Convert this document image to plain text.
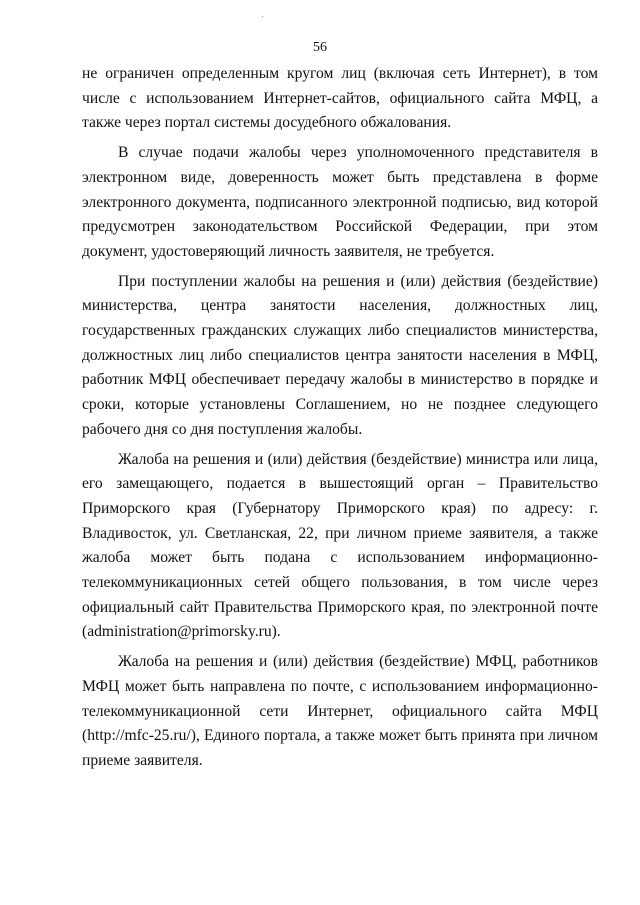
56

не ограничен определенным кругом лиц (включая сеть Интернет), в том числе с использованием Интернет-сайтов, официального сайта МФЦ, а также через портал системы досудебного обжалования.

В случае подачи жалобы через уполномоченного представителя в электронном виде, доверенность может быть представлена в форме электронного документа, подписанного электронной подписью, вид которой предусмотрен законодательством Российской Федерации, при этом документ, удостоверяющий личность заявителя, не требуется.

При поступлении жалобы на решения и (или) действия (бездействие) министерства, центра занятости населения, должностных лиц, государственных гражданских служащих либо специалистов министерства, должностных лиц либо специалистов центра занятости населения в МФЦ, работник МФЦ обеспечивает передачу жалобы в министерство в порядке и сроки, которые установлены Соглашением, но не позднее следующего рабочего дня со дня поступления жалобы.

Жалоба на решения и (или) действия (бездействие) министра или лица, его замещающего, подается в вышестоящий орган – Правительство Приморского края (Губернатору Приморского края) по адресу: г. Владивосток, ул. Светланская, 22, при личном приеме заявителя, а также жалоба может быть подана с использованием информационно-телекоммуникационных сетей общего пользования, в том числе через официальный сайт Правительства Приморского края, по электронной почте (administration@primorsky.ru).

Жалоба на решения и (или) действия (бездействие) МФЦ, работников МФЦ может быть направлена по почте, с использованием информационно-телекоммуникационной сети Интернет, официального сайта МФЦ (http://mfc-25.ru/), Единого портала, а также может быть принята при личном приеме заявителя.
